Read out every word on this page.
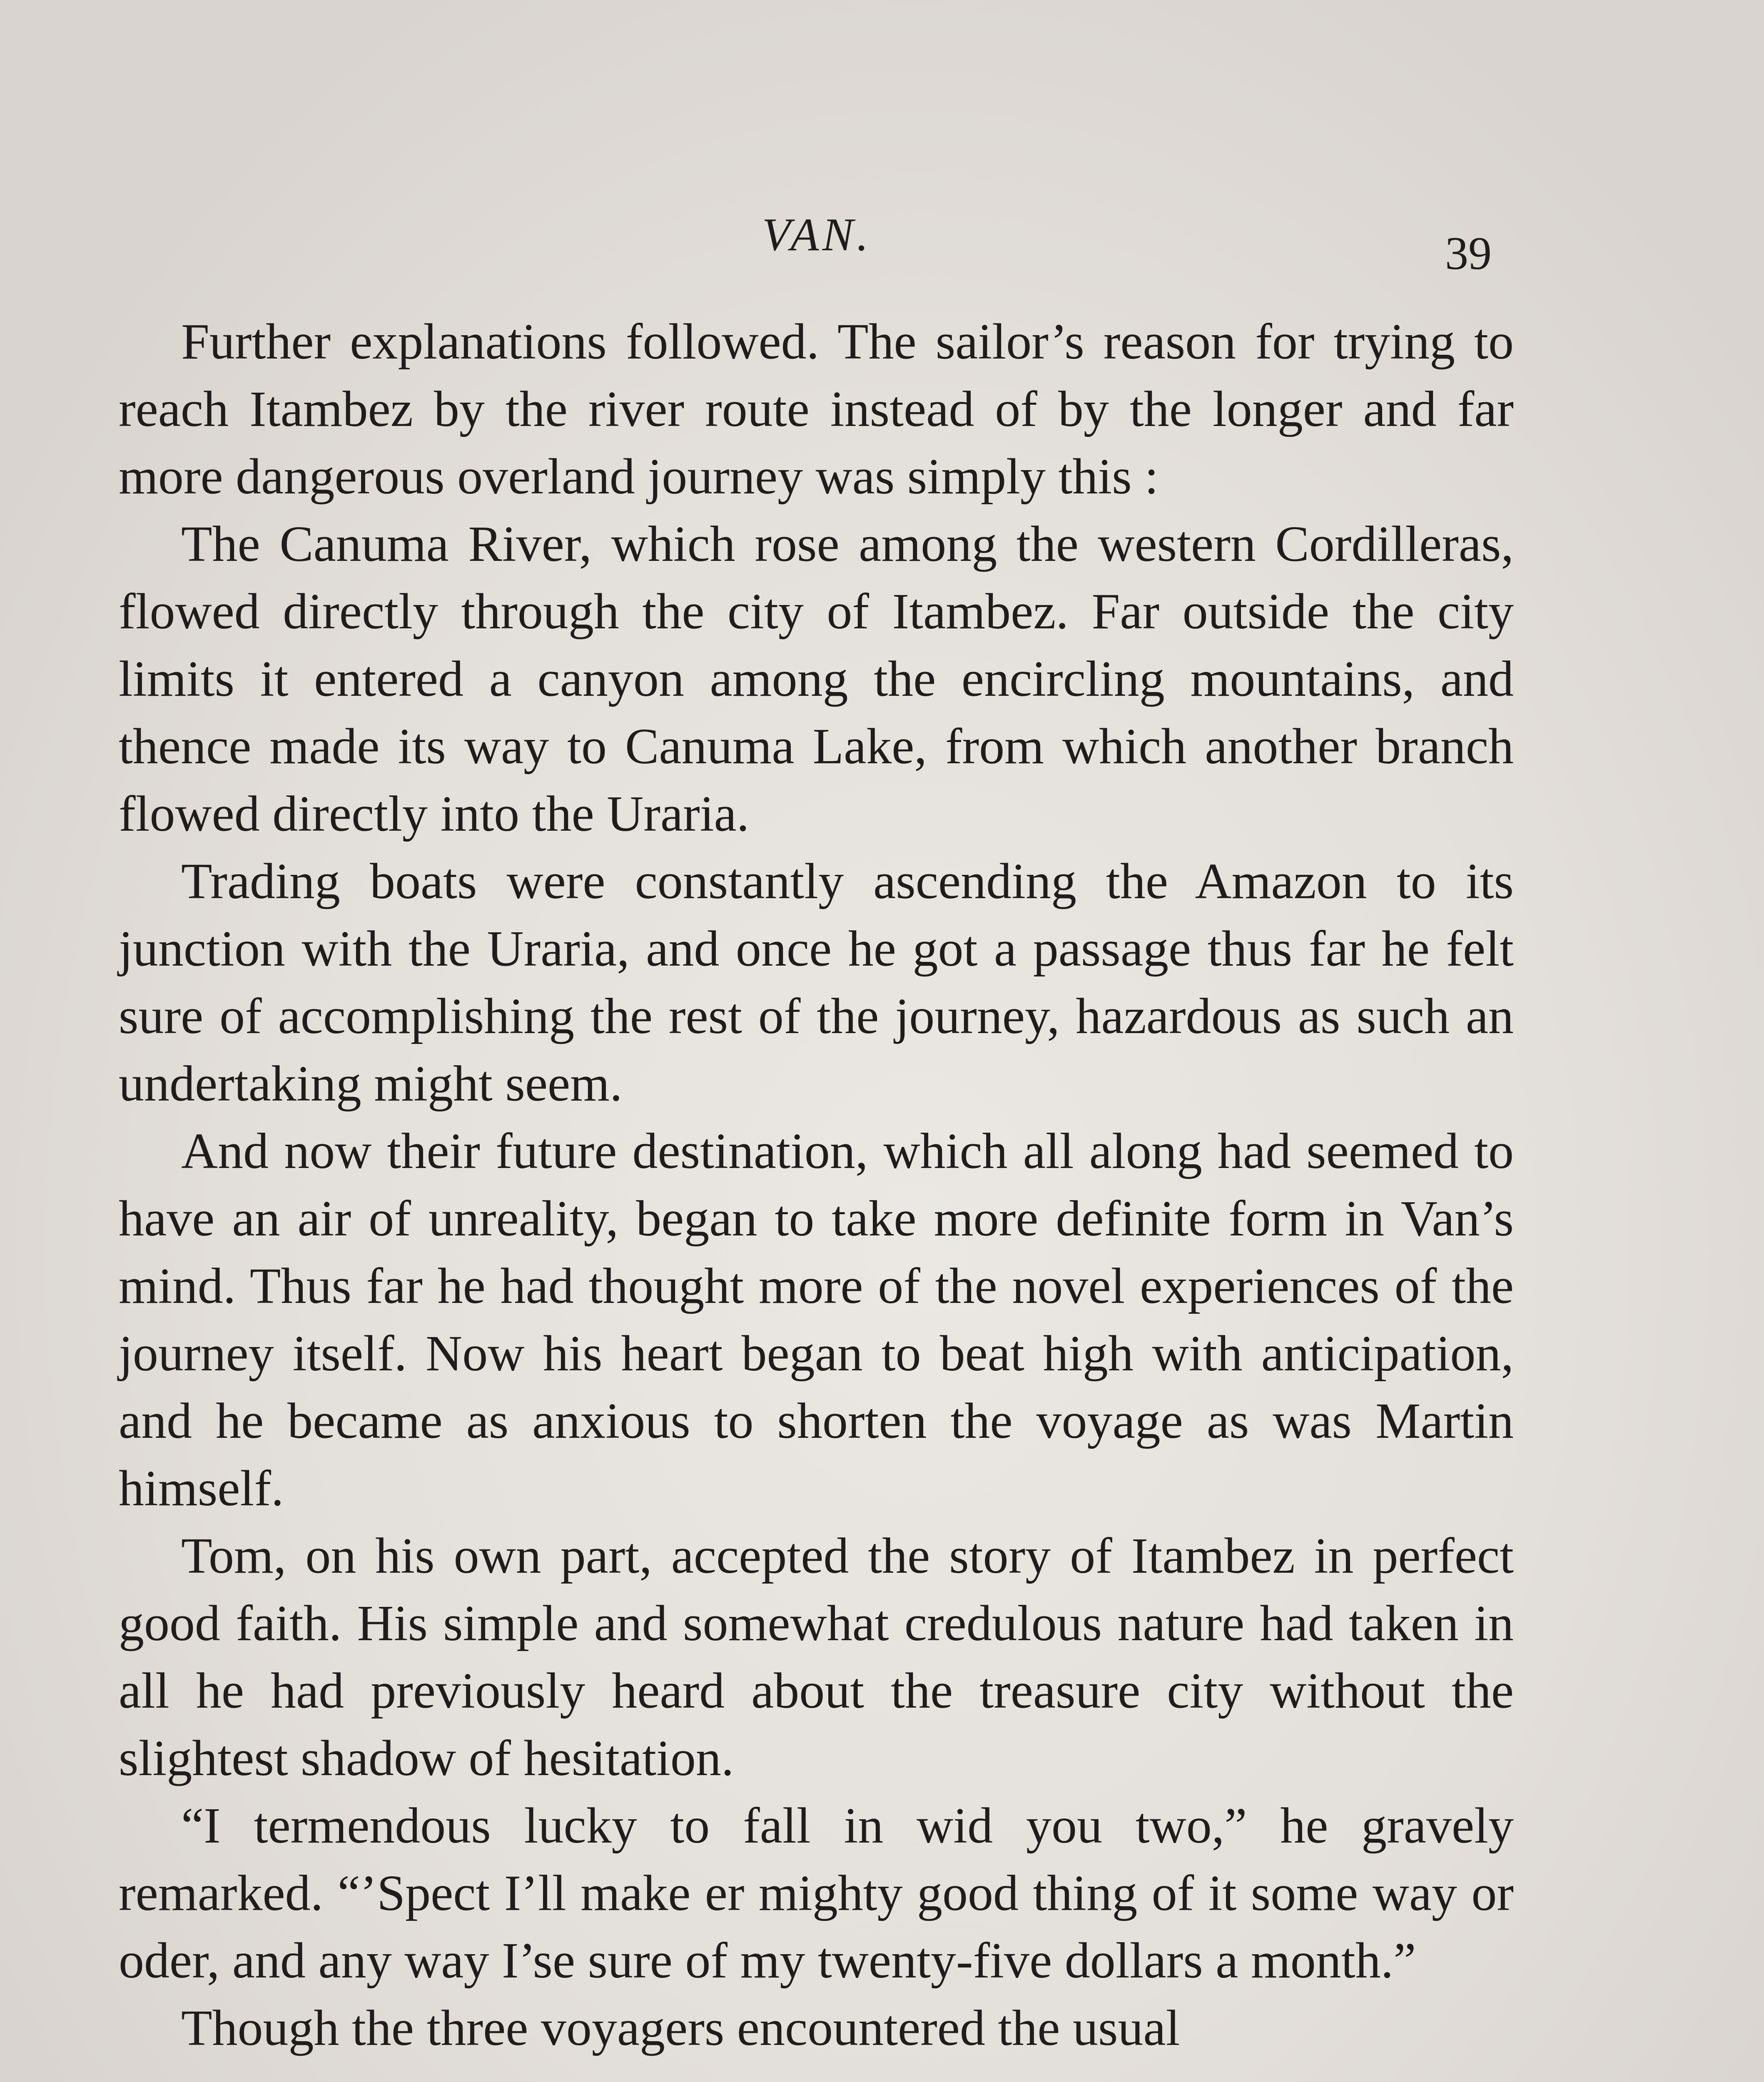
VAN.	39

Further explanations followed. The sailor’s reason for trying to reach Itambez by the river route instead of by the longer and far more dangerous overland journey was simply this :

The Canuma River, which rose among the western Cordilleras, flowed directly through the city of Itambez. Far outside the city limits it entered a canyon among the encircling mountains, and thence made its way to Canuma Lake, from which another branch flowed directly into the Uraria.

Trading boats were constantly ascending the Amazon to its junction with the Uraria, and once he got a passage thus far he felt sure of accomplishing the rest of the journey, hazardous as such an undertaking might seem.

And now their future destination, which all along had seemed to have an air of unreality, began to take more definite form in Van’s mind. Thus far he had thought more of the novel experiences of the journey itself. Now his heart began to beat high with anticipation, and he became as anxious to shorten the voyage as was Martin himself.

Tom, on his own part, accepted the story of Itambez in perfect good faith. His simple and somewhat credulous nature had taken in all he had previously heard about the treasure city without the slightest shadow of hesitation.

“I termendous lucky to fall in wid you two,” he gravely remarked. “’Spect I’ll make er mighty good thing of it some way or oder, and any way I’se sure of my twenty-five dollars a month.”

Though the three voyagers encountered the usual
